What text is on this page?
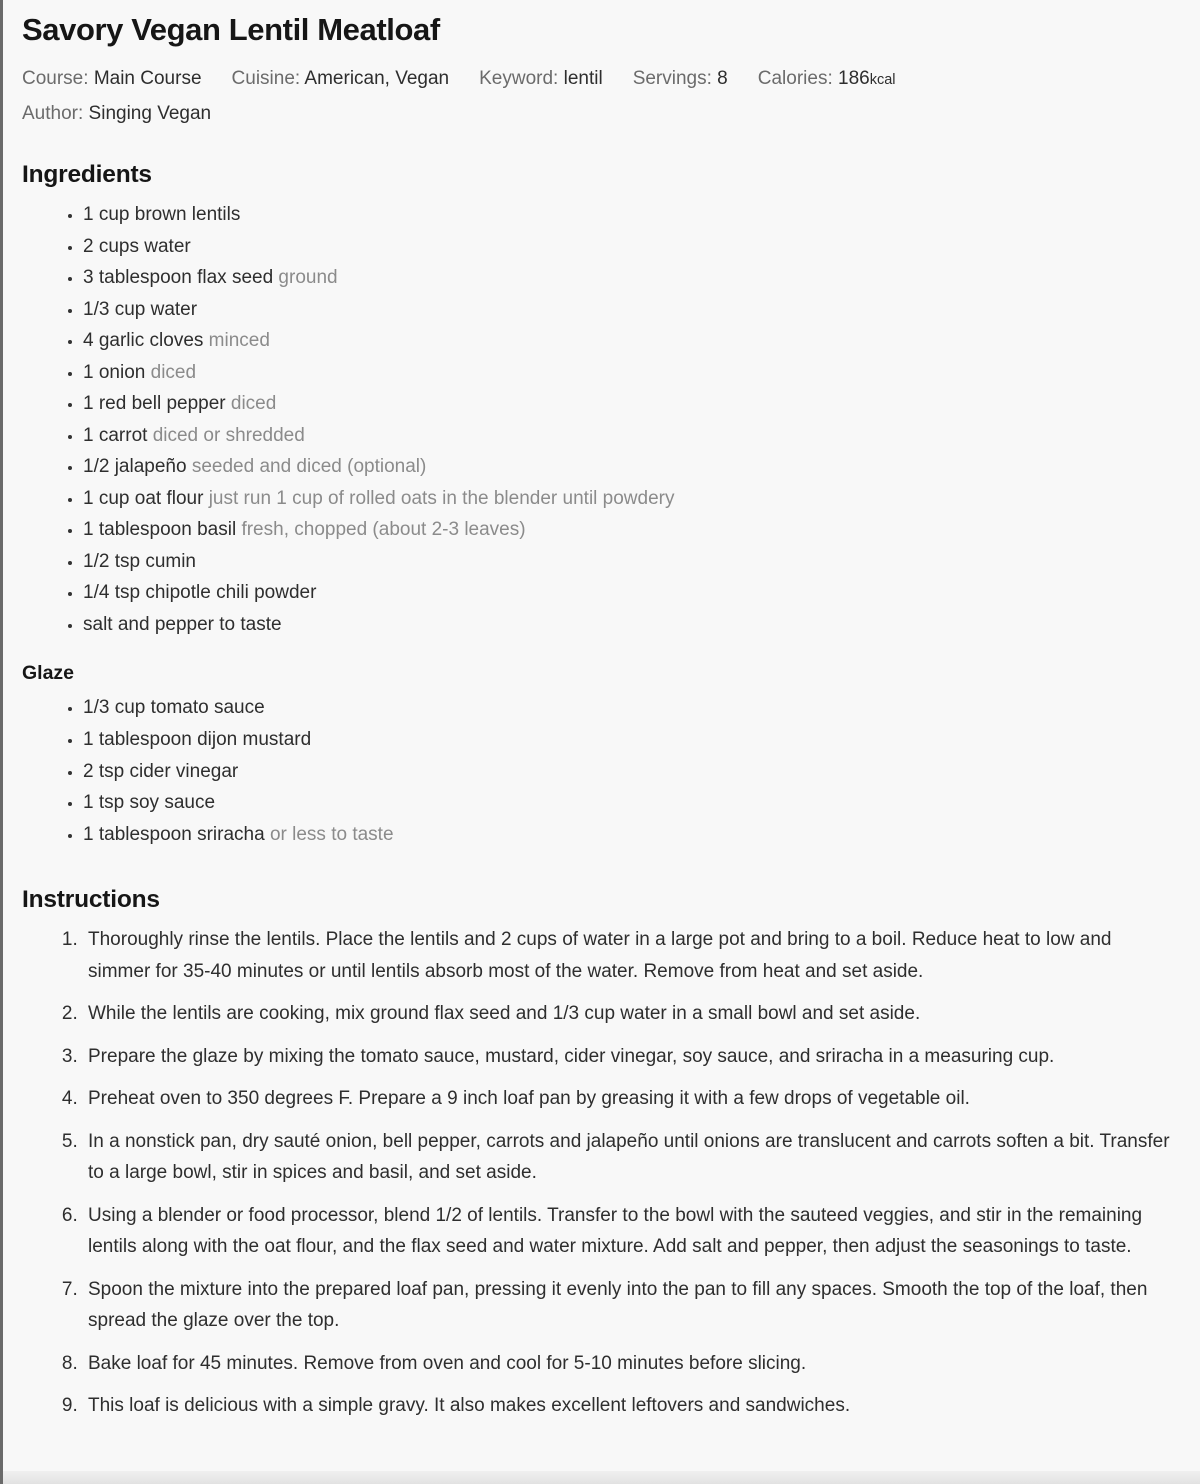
Savory Vegan Lentil Meatloaf
Course: Main Course Cuisine: American, Vegan Keyword: lentil Servings: 8 Calories: 186kcal
Author: Singing Vegan
Ingredients
• 1 cup brown lentils
• 2 cups water
• 3 tablespoon flax seed ground
• 1/3 cup water
• 4 garlic cloves minced
• 1 onion diced
• 1 red bell pepper diced
• 1 carrot diced or shredded
• 1/2 jalapeño seeded and diced (optional)
• 1 cup oat flour just run 1 cup of rolled oats in the blender until powdery
• 1 tablespoon basil fresh, chopped (about 2-3 leaves)
• 1/2 tsp cumin
• 1/4 tsp chipotle chili powder
• salt and pepper to taste
Glaze
• 1/3 cup tomato sauce
• 1 tablespoon dijon mustard
• 2 tsp cider vinegar
• 1 tsp soy sauce
• 1 tablespoon sriracha or less to taste
Instructions
1. Thoroughly rinse the lentils. Place the lentils and 2 cups of water in a large pot and bring to a boil. Reduce heat to low and simmer for 35-40 minutes or until lentils absorb most of the water. Remove from heat and set aside.
2. While the lentils are cooking, mix ground flax seed and 1/3 cup water in a small bowl and set aside.
3. Prepare the glaze by mixing the tomato sauce, mustard, cider vinegar, soy sauce, and sriracha in a measuring cup.
4. Preheat oven to 350 degrees F. Prepare a 9 inch loaf pan by greasing it with a few drops of vegetable oil.
5. In a nonstick pan, dry sauté onion, bell pepper, carrots and jalapeño until onions are translucent and carrots soften a bit. Transfer to a large bowl, stir in spices and basil, and set aside.
6. Using a blender or food processor, blend 1/2 of lentils. Transfer to the bowl with the sauteed veggies, and stir in the remaining lentils along with the oat flour, and the flax seed and water mixture. Add salt and pepper, then adjust the seasonings to taste.
7. Spoon the mixture into the prepared loaf pan, pressing it evenly into the pan to fill any spaces. Smooth the top of the loaf, then spread the glaze over the top.
8. Bake loaf for 45 minutes. Remove from oven and cool for 5-10 minutes before slicing.
9. This loaf is delicious with a simple gravy. It also makes excellent leftovers and sandwiches.
